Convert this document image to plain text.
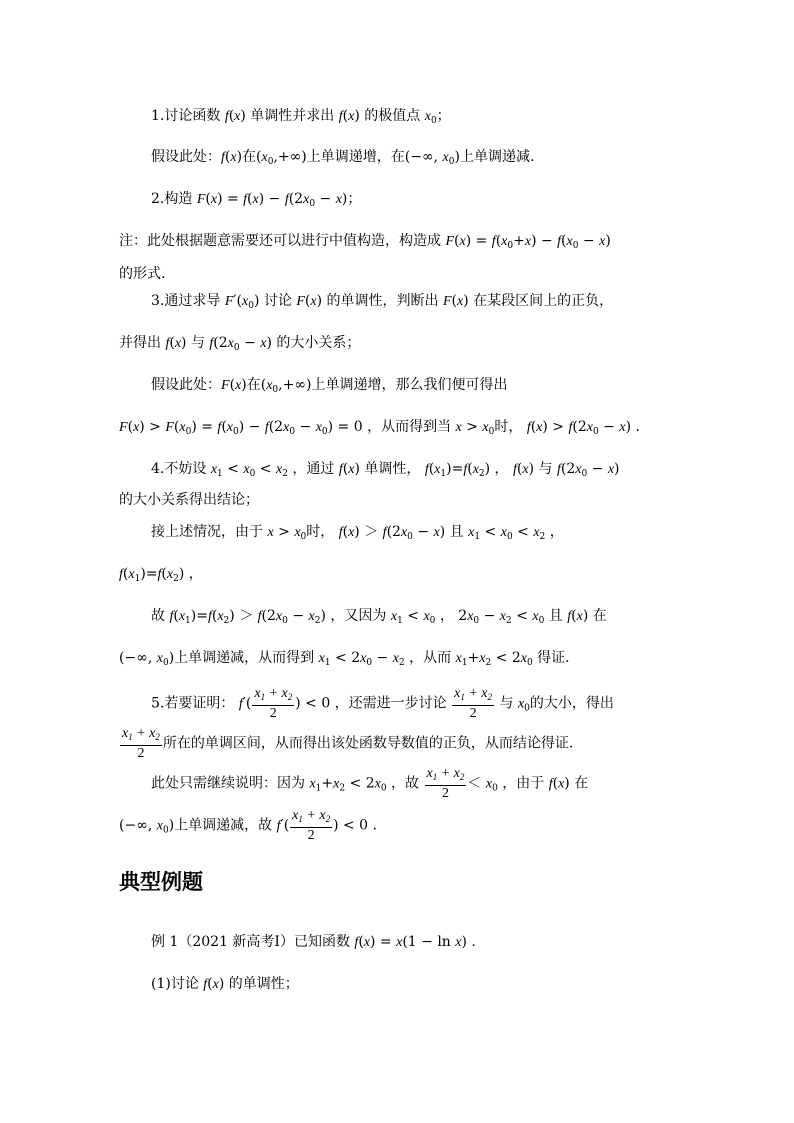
1.讨论函数 f(x) 单调性并求出 f(x) 的极值点 $x_0$；
假设此处：f(x)在$(x_0,+\infty)$上单调递增，在(−∞, $x_0$)上单调递减.
2.构造 $F(x) = f(x) - f(2x_0 - x)$；
注：此处根据题意需要还可以进行中值构造，构造成 $F(x) = f(x_0+x) - f(x_0 - x)$
的形式.
3.通过求导 $F'(x_0)$ 讨论 F(x) 的单调性，判断出 F(x) 在某段区间上的正负，
并得出 f(x) 与 $f(2x_0 - x)$ 的大小关系；
假设此处：F(x)在$(x_0,+\infty)$上单调递增，那么我们便可得出
$F(x) > F(x_0) = f(x_0) - f(2x_0 - x_0) = 0$ ，从而得到当 $x > x_0$时， $f(x) > f(2x_0 - x)$ .
4.不妨设 $x_1 < x_0 < x_2$ ，通过 f(x) 单调性， $f(x_1)=f(x_2)$ ， f(x) 与 $f(2x_0 - x)$
的大小关系得出结论；
接上述情况，由于 $x > x_0$时， $f(x) > f(2x_0 - x)$ 且 $x_1 < x_0 < x_2$ ，
$f(x_1)=f(x_2)$ ，
故 $f(x_1)=f(x_2) > f(2x_0 - x_2)$ ，又因为 $x_1 < x_0$ ， $2x_0 - x_2 < x_0$ 且 f(x) 在
(−∞, $x_0$)上单调递减，从而得到 $x_1 < 2x_0 - x_2$ ，从而 $x_1+x_2 < 2x_0$ 得证.
5.若要证明： $f'( \frac{x_1 + x_2}{2}$ ) < 0 ，还需进一步讨论 $\frac{x_1 + x_2}{2}$ 与 $x_0$的大小，得出
$\frac{x_1 + x_2}{2}$ 所在的单调区间，从而得出该处函数导数值的正负，从而结论得证.
此处只需继续说明：因为 $x_1+x_2 < 2x_0$ ，故 $\frac{x_1 + x_2}{2} < x_0$ ，由于 f(x) 在
(−∞, $x_0$)上单调递减，故 $f'( \frac{x_1 + x_2}{2}$ ) < 0 .
典型例题
例 1（2021 新高考Ⅰ）已知函数 f(x) = x(1 − ln x) .
(1)讨论 f(x) 的单调性；
